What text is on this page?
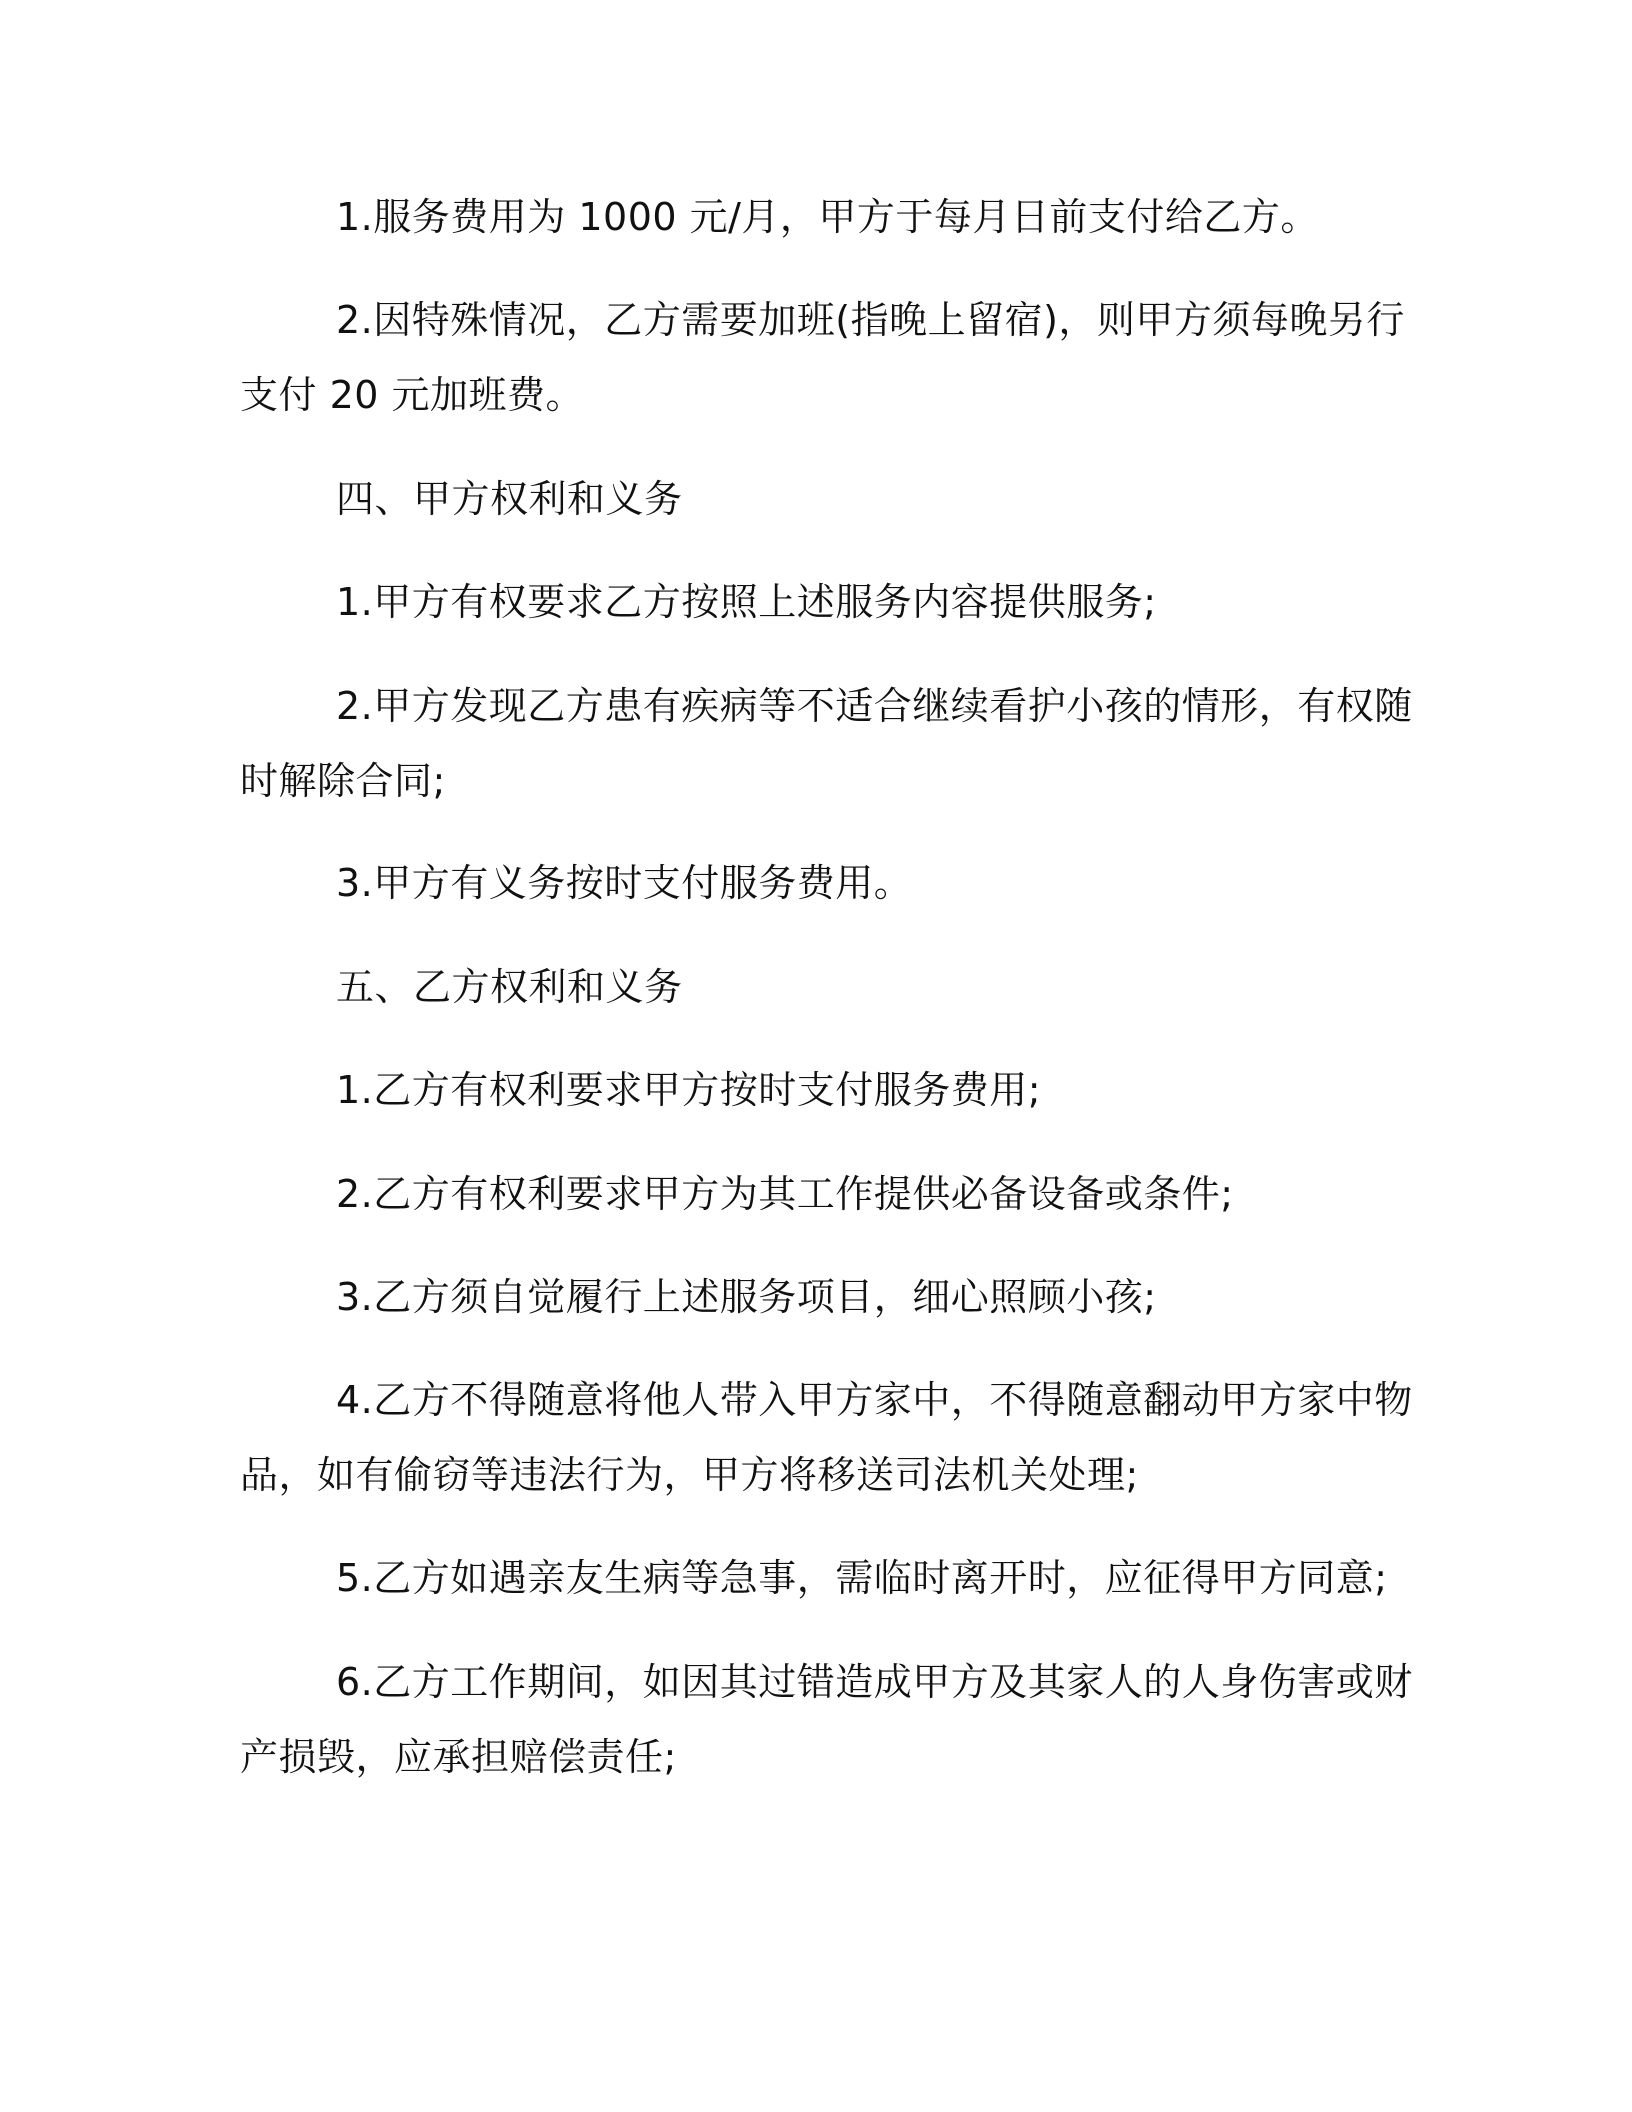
1.服务费用为 1000 元/月，甲方于每月日前支付给乙方。

2.因特殊情况，乙方需要加班(指晚上留宿)，则甲方须每晚另行
支付 20 元加班费。

四、甲方权利和义务

1.甲方有权要求乙方按照上述服务内容提供服务;

2.甲方发现乙方患有疾病等不适合继续看护小孩的情形，有权随
时解除合同;

3.甲方有义务按时支付服务费用。

五、乙方权利和义务

1.乙方有权利要求甲方按时支付服务费用;

2.乙方有权利要求甲方为其工作提供必备设备或条件;

3.乙方须自觉履行上述服务项目，细心照顾小孩;

4.乙方不得随意将他人带入甲方家中，不得随意翻动甲方家中物
品，如有偷窃等违法行为，甲方将移送司法机关处理;

5.乙方如遇亲友生病等急事，需临时离开时，应征得甲方同意;

6.乙方工作期间，如因其过错造成甲方及其家人的人身伤害或财
产损毁，应承担赔偿责任;
